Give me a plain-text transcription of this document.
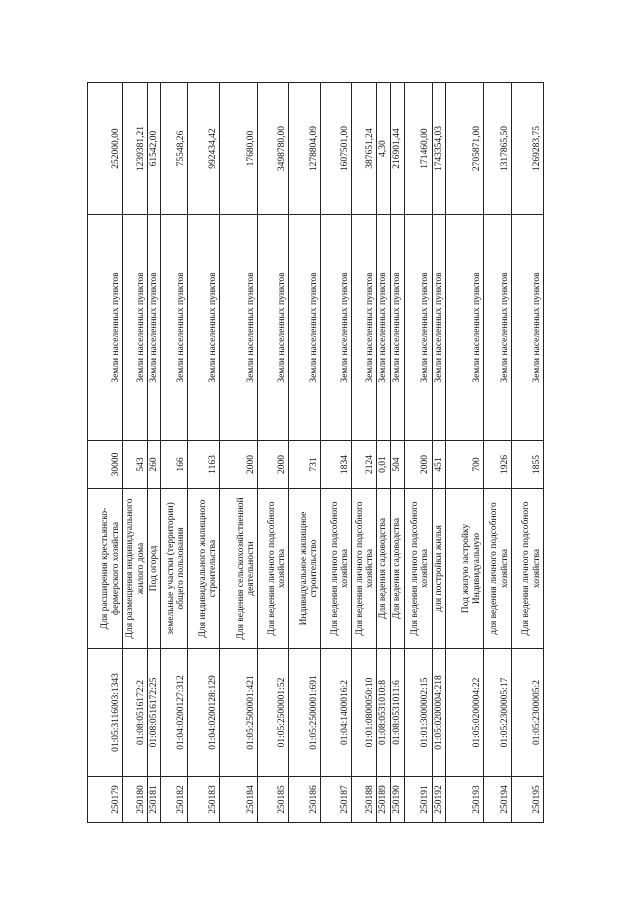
250179	01:05:3116003:1343	Для расширения крестьянско-фермерского хозяйства	30000	Земли населенных пунктов	252000,00
250180	01:08:0516172:2	Для размещения индивидуального жилого дома	543	Земли населенных пунктов	1239381,21
250181	01:08:0516172:25	Под огород	260	Земли населенных пунктов	61542,00
250182	01:04:0200127:312	земельные участки (территории) общего пользования	166	Земли населенных пунктов	75548,26
250183	01:04:0200128:129	Для индивидуального жилищного строительства	1163	Земли населенных пунктов	992434,42
250184	01:05:2500001:421	Для ведения сельскохозяйственной деятельности	2000	Земли населенных пунктов	17680,00
250185	01:05:2500001:52	Для ведения личного подсобного хозяйства	2000	Земли населенных пунктов	3498780,00
250186	01:05:2500001:691	Индивидуальное жилищное строительство	731	Земли населенных пунктов	1278804,09
250187	01:04:1400016:2	Для ведения личного подсобного хозяйства	1834	Земли населенных пунктов	1607501,00
250188	01:01:0800050:10	Для ведения личного подсобного хозяйства	2124	Земли населенных пунктов	387651,24
250189	01:08:0531010:8	Для ведения садоводства	0,01	Земли населенных пунктов	4,30
250190	01:08:0531011:6	Для ведения садоводства	504	Земли населенных пунктов	216901,44
250191	01:01:3000002:15	Для ведения личного подсобного хозяйства	2000	Земли населенных пунктов	171460,00
250192	01:05:0200004:218	для постройки жилья	451	Земли населенных пунктов	1743354,03
250193	01:05:0200004:22	Под жилую застройку Индивидуальную	700	Земли населенных пунктов	2705871,00
250194	01:05:2300005:17	для ведения личного подсобного хозяйства	1926	Земли населенных пунктов	1317865,50
250195	01:05:2300005:2	Для ведения личного подсобного хозяйства	1855	Земли населенных пунктов	1269283,75
